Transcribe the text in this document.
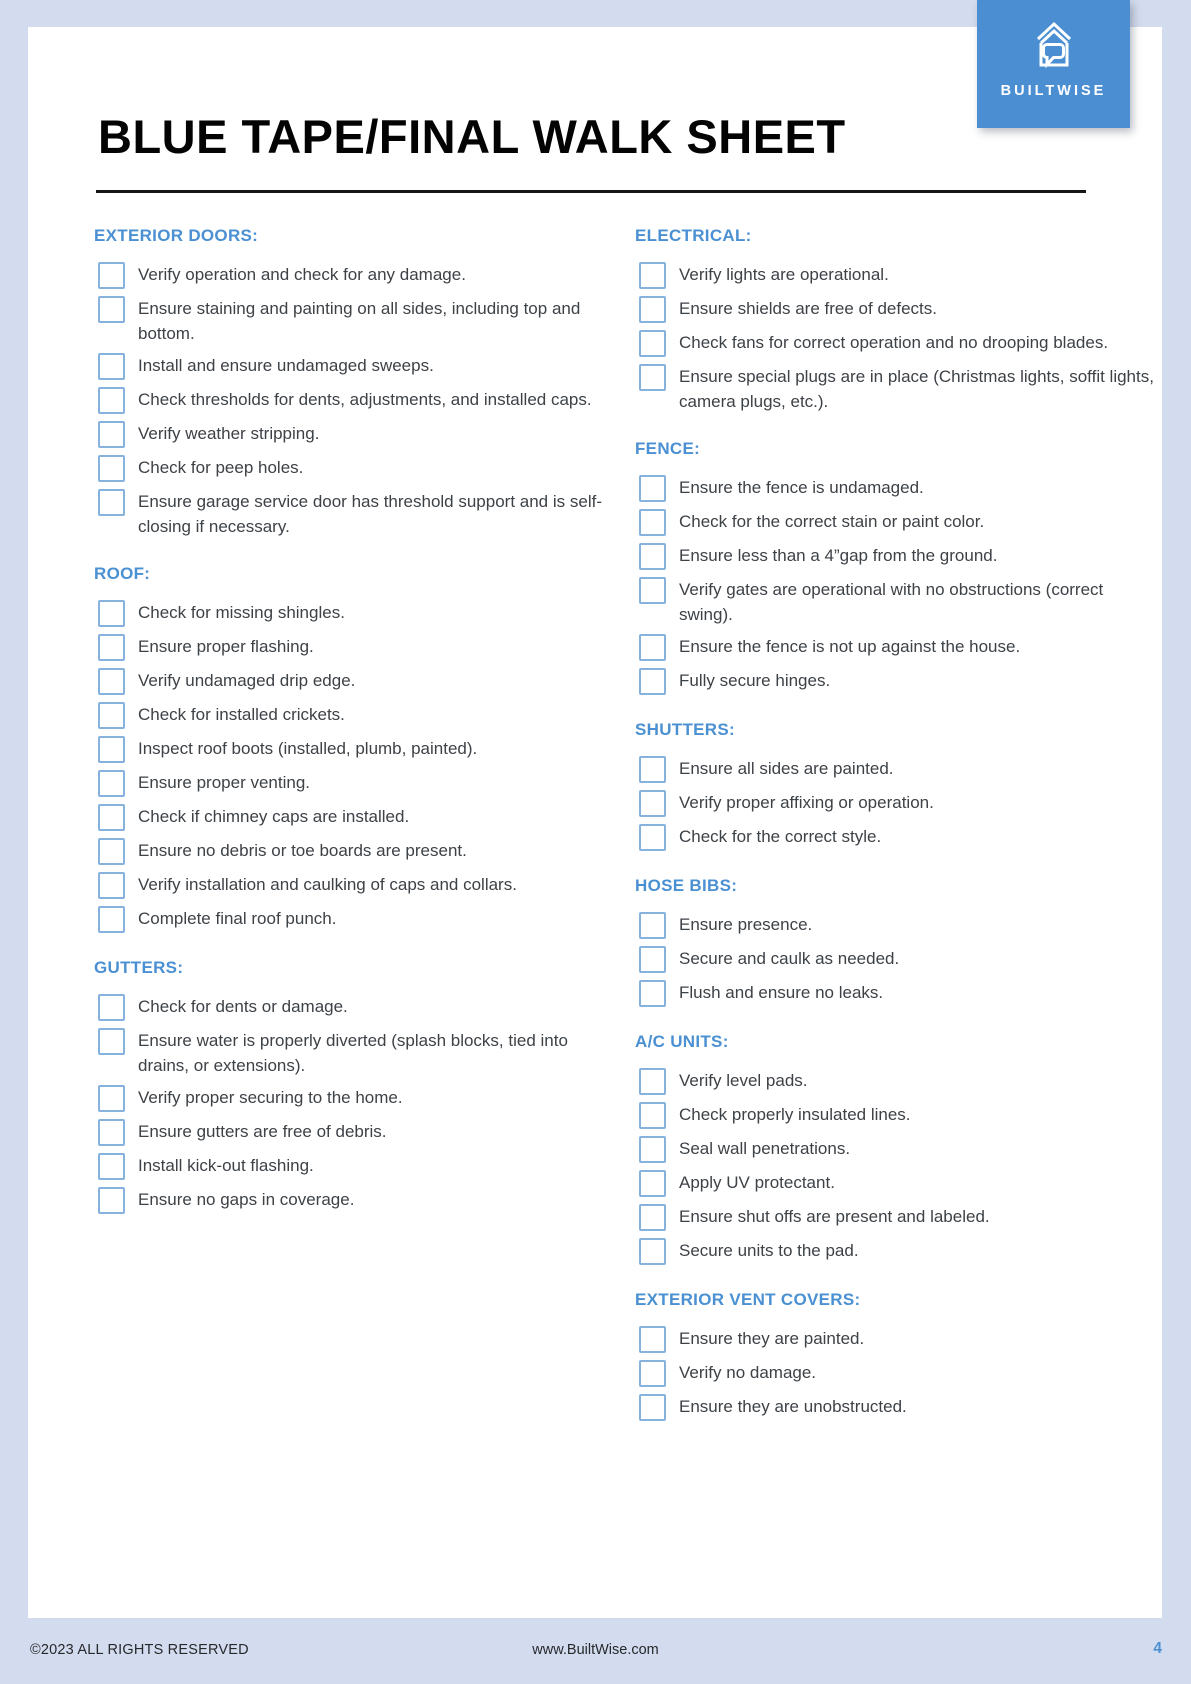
BLUE TAPE/FINAL WALK SHEET
EXTERIOR DOORS:
Verify operation and check for any damage.
Ensure staining and painting on all sides, including top and bottom.
Install and ensure undamaged sweeps.
Check thresholds for dents, adjustments, and installed caps.
Verify weather stripping.
Check for peep holes.
Ensure garage service door has threshold support and is self-closing if necessary.
ROOF:
Check for missing shingles.
Ensure proper flashing.
Verify undamaged drip edge.
Check for installed crickets.
Inspect roof boots (installed, plumb, painted).
Ensure proper venting.
Check if chimney caps are installed.
Ensure no debris or toe boards are present.
Verify installation and caulking of caps and collars.
Complete final roof punch.
GUTTERS:
Check for dents or damage.
Ensure water is properly diverted (splash blocks, tied into drains, or extensions).
Verify proper securing to the home.
Ensure gutters are free of debris.
Install kick-out flashing.
Ensure no gaps in coverage.
ELECTRICAL:
Verify lights are operational.
Ensure shields are free of defects.
Check fans for correct operation and no drooping blades.
Ensure special plugs are in place (Christmas lights, soffit lights, camera plugs, etc.).
FENCE:
Ensure the fence is undamaged.
Check for the correct stain or paint color.
Ensure less than a 4”gap from the ground.
Verify gates are operational with no obstructions (correct swing).
Ensure the fence is not up against the house.
Fully secure hinges.
SHUTTERS:
Ensure all sides are painted.
Verify proper affixing or operation.
Check for the correct style.
HOSE BIBS:
Ensure presence.
Secure and caulk as needed.
Flush and ensure no leaks.
A/C UNITS:
Verify level pads.
Check properly insulated lines.
Seal wall penetrations.
Apply UV protectant.
Ensure shut offs are present and labeled.
Secure units to the pad.
EXTERIOR VENT COVERS:
Ensure they are painted.
Verify no damage.
Ensure they are unobstructed.
BUILTWISE
©2023 ALL RIGHTS RESERVED	www.BuiltWise.com	4
